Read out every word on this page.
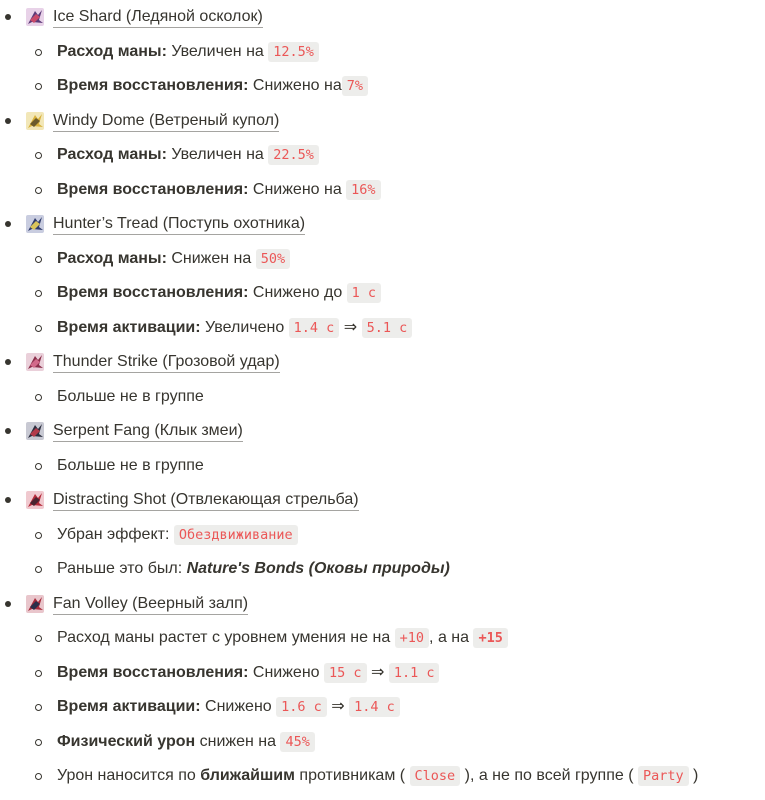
Ice Shard (Ледяной осколок)
Расход маны: Увеличен на 12.5%
Время восстановления: Снижено на 7%
Windy Dome (Ветреный купол)
Расход маны: Увеличен на 22.5%
Время восстановления: Снижено на 16%
Hunter’s Tread (Поступь охотника)
Расход маны: Снижен на 50%
Время восстановления: Снижено до 1 с
Время активации: Увеличено 1.4 с ⇒ 5.1 с
Thunder Strike (Грозовой удар)
Больше не в группе
Serpent Fang (Клык змеи)
Больше не в группе
Distracting Shot (Отвлекающая стрельба)
Убран эффект: Обездвиживание
Раньше это был: Nature's Bonds (Оковы природы)
Fan Volley (Веерный залп)
Расход маны растет с уровнем умения не на +10 , а на +15
Время восстановления: Снижено 15 с ⇒ 1.1 с
Время активации: Снижено 1.6 с ⇒ 1.4 с
Физический урон снижен на 45%
Урон наносится по ближайшим противникам ( Close ), а не по всей группе ( Party )
